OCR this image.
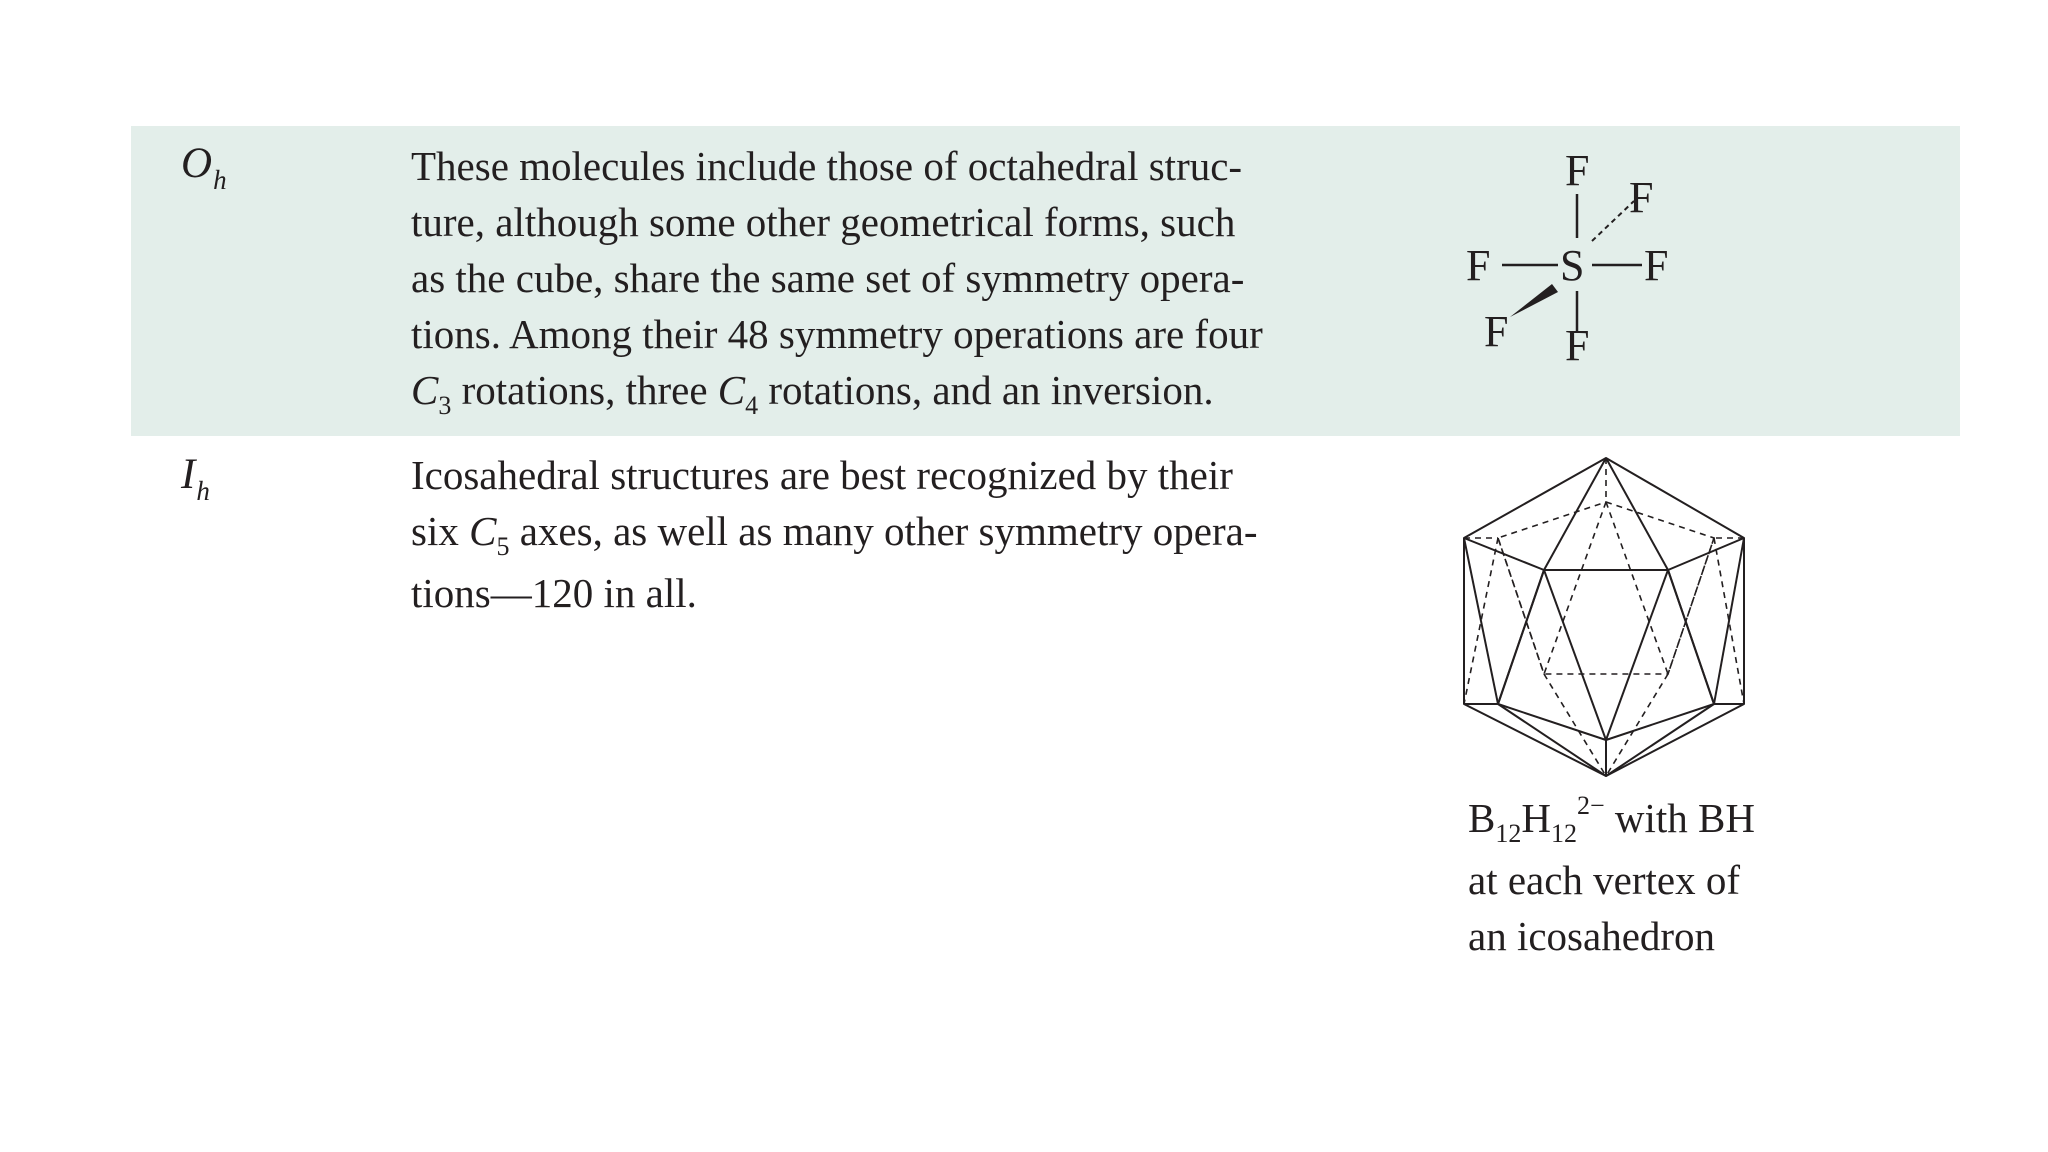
$O_h$	These molecules include those of octahedral struc-
ture, although some other geometrical forms, such
as the cube, share the same set of symmetry opera-
tions. Among their 48 symmetry operations are four
$C_3$ rotations, three $C_4$ rotations, and an inversion.
F
F
F S F
F F
$I_h$	Icosahedral structures are best recognized by their
six $C_5$ axes, as well as many other symmetry opera-
tions—120 in all.
$B_{12}H_{12}^{2-}$ with BH
at each vertex of
an icosahedron
